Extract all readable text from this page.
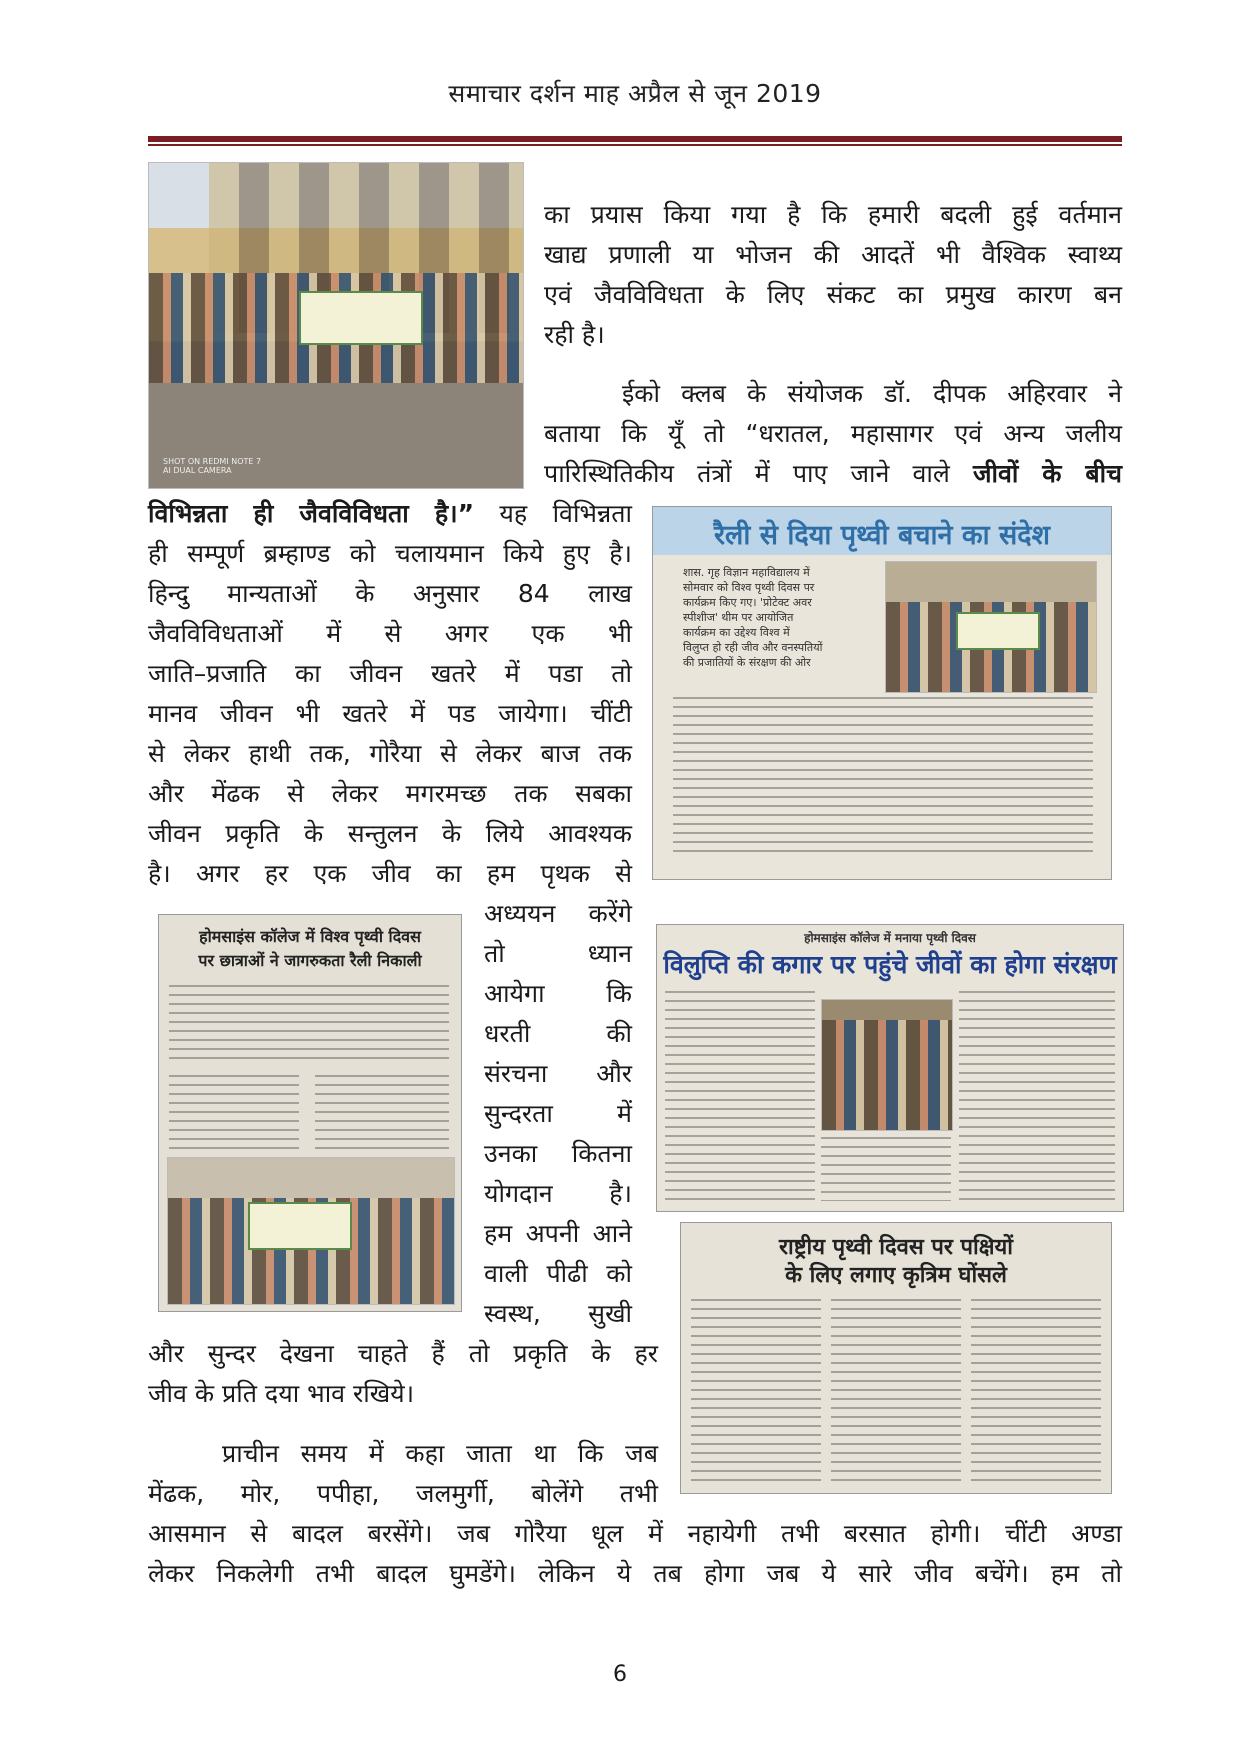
समाचार दर्शन माह अप्रैल से जून 2019
SHOT ON REDMI NOTE 7
AI DUAL CAMERA
का प्रयास किया गया है कि हमारी बदली हुई वर्तमान
खाद्य प्रणाली या भोजन की आदतें भी वैश्विक स्वाथ्य
एवं जैवविविधता के लिए संकट का प्रमुख कारण बन
रही है।
ईको क्लब के संयोजक डॉ. दीपक अहिरवार ने
बताया कि यूॅं तो “धरातल, महासागर एवं अन्य जलीय
पारिस्थितिकीय तंत्रों में पाए जाने वाले जीवों के बीच
विभिन्नता ही जैवविविधता है।” यह विभिन्नता
ही सम्पूर्ण ब्रम्हाण्ड को चलायमान किये हुए है।
हिन्दु मान्यताओं के अनुसार 84 लाख
जैवविविधताओं में से अगर एक भी
जाति–प्रजाति का जीवन खतरे में पडा तो
मानव जीवन भी खतरे में पड जायेगा। चींटी
से लेकर हाथी तक, गोरैया से लेकर बाज तक
और मेंढक से लेकर मगरमच्छ तक सबका
जीवन प्रकृति के सन्तुलन के लिये आवश्यक
है। अगर हर एक जीव का हम पृथक से
अध्ययन करेंगे
तो ध्यान
आयेगा कि
धरती की
संरचना और
सुन्दरता में
उनका कितना
योगदान है।
हम अपनी आने
वाली पीढी को
स्वस्थ, सुखी
और सुन्दर देखना चाहते हैं तो प्रकृति के हर
जीव के प्रति दया भाव रखिये।
प्राचीन समय में कहा जाता था कि जब
मेंढक, मोर, पपीहा, जलमुर्गी, बोलेंगे तभी
आसमान से बादल बरसेंगे। जब गोरैया धूल में नहायेगी तभी बरसात होगी। चींटी अण्डा
लेकर निकलेगी तभी बादल घुमडेंगे। लेकिन ये तब होगा जब ये सारे जीव बचेंगे। हम तो
रैली से दिया पृथ्वी बचाने का संदेश
शास. गृह विज्ञान महाविद्यालय में
सोमवार को विश्व पृथ्वी दिवस पर
कार्यक्रम किए गए। 'प्रोटेक्ट अवर
स्पीशीज' थीम पर आयोजित
कार्यक्रम का उद्देश्य विश्व में
विलुप्त हो रही जीव और वनस्पतियों
की प्रजातियों के संरक्षण की ओर
होमसाइंस कॉलेज में विश्व पृथ्वी दिवस
पर छात्राओं ने जागरुकता रैली निकाली
होमसाइंस कॉलेज में मनाया पृथ्वी दिवस
विलुप्ति की कगार पर पहुंचे जीवों का होगा संरक्षण
राष्ट्रीय पृथ्वी दिवस पर पक्षियों
के लिए लगाए कृत्रिम घोंसले
6
